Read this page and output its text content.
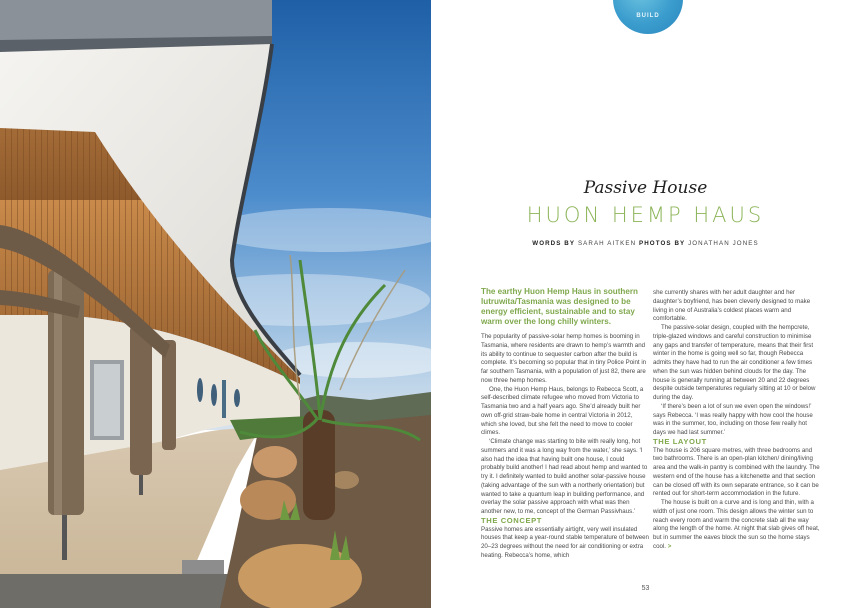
BUILD
Passive House
HUON HEMP HAUS
WORDS BY SARAH AITKEN PHOTOS BY JONATHAN JONES

The earthy Huon Hemp Haus in southern lutruwita/Tasmania was designed to be energy efficient, sustainable and to stay warm over the long chilly winters.

The popularity of passive-solar hemp homes is booming in Tasmania, where residents are drawn to hemp’s warmth and its ability to continue to sequester carbon after the build is complete. It’s becoming so popular that in tiny Police Point in far southern Tasmania, with a population of just 82, there are now three hemp homes.

One, the Huon Hemp Haus, belongs to Rebecca Scott, a self-described climate refugee who moved from Victoria to Tasmania two and a half years ago. She’d already built her own off-grid straw-bale home in central Victoria in 2012, which she loved, but she felt the need to move to cooler climes.

‘Climate change was starting to bite with really long, hot summers and it was a long way from the water,’ she says. ‘I also had the idea that having built one house, I could probably build another! I had read about hemp and wanted to try it. I definitely wanted to build another solar-passive house (taking advantage of the sun with a northerly orientation) but wanted to take a quantum leap in building performance, and overlay the solar passive approach with what was then another new, to me, concept of the German Passivhaus.’

THE CONCEPT

Passive homes are essentially airtight, very well insulated houses that keep a year-round stable temperature of between 20–23 degrees without the need for air conditioning or extra heating. Rebecca’s home, which

she currently shares with her adult daughter and her daughter’s boyfriend, has been cleverly designed to make living in one of Australia’s coldest places warm and comfortable.

The passive-solar design, coupled with the hempcrete, triple-glazed windows and careful construction to minimise any gaps and transfer of temperature, means that their first winter in the home is going well so far, though Rebecca admits they have had to run the air conditioner a few times when the sun was hidden behind clouds for the day. The house is generally running at between 20 and 22 degrees despite outside temperatures regularly sitting at 10 or below during the day.

‘If there’s been a lot of sun we even open the windows!’ says Rebecca. ‘I was really happy with how cool the house was in the summer, too, including on those few really hot days we had last summer.’

THE LAYOUT

The house is 206 square metres, with three bedrooms and two bathrooms. There is an open-plan kitchen/ dining/living area and the walk-in pantry is combined with the laundry. The western end of the house has a kitchenette and that section can be closed off with its own separate entrance, so it can be rented out for short-term accommodation in the future.

The house is built on a curve and is long and thin, with a width of just one room. This design allows the winter sun to reach every room and warm the concrete slab all the way along the length of the home. At night that slab gives off heat, but in summer the eaves block the sun so the home stays cool. >

53
